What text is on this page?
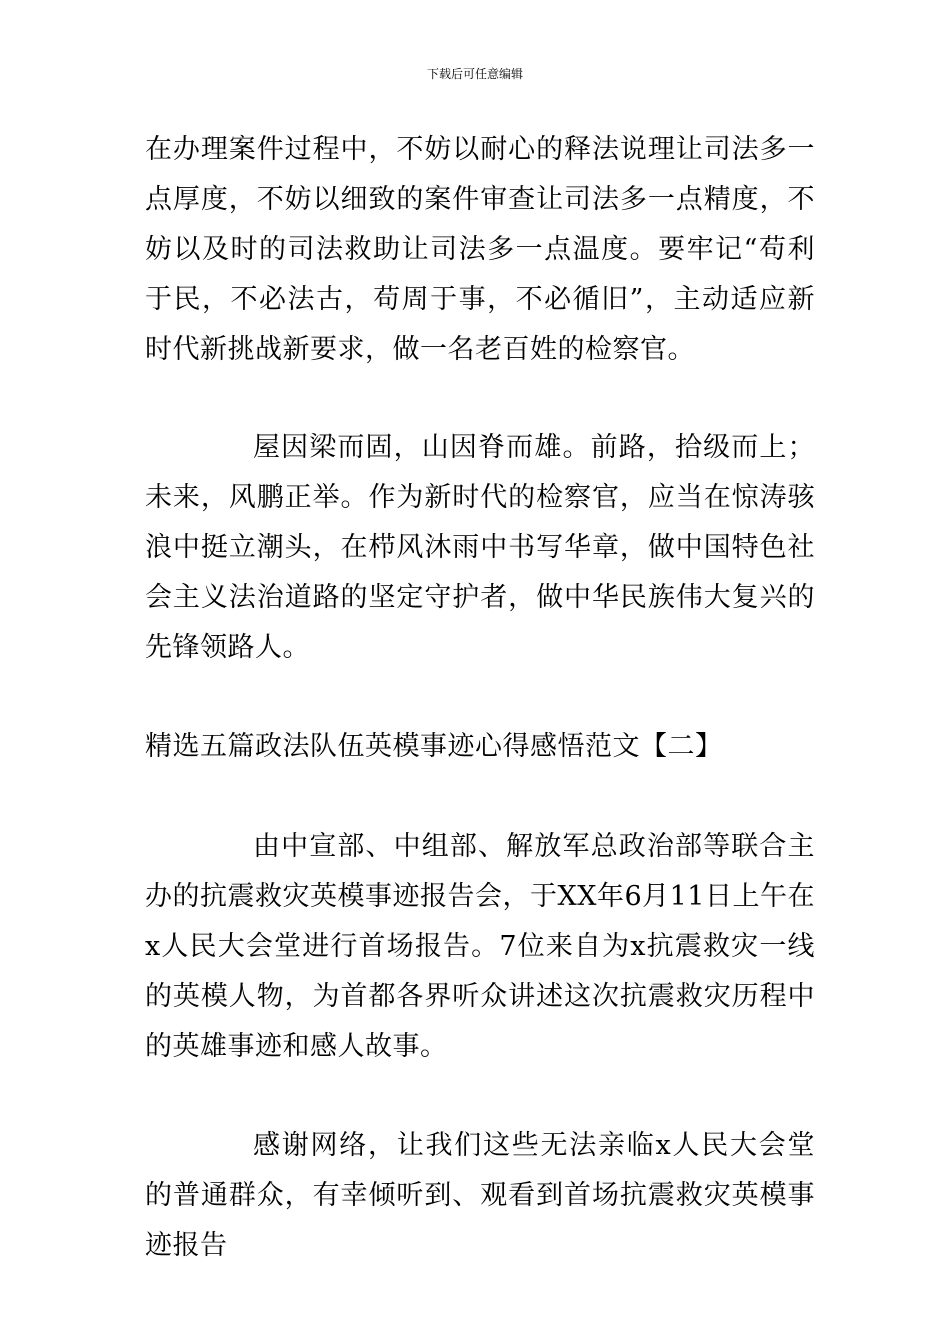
下载后可任意编辑

在办理案件过程中，不妨以耐心的释法说理让司法多一点厚度，不妨以细致的案件审查让司法多一点精度，不妨以及时的司法救助让司法多一点温度。要牢记“苟利于民，不必法古，苟周于事，不必循旧”，主动适应新时代新挑战新要求，做一名老百姓的检察官。

屋因梁而固，山因脊而雄。前路，拾级而上；未来，风鹏正举。作为新时代的检察官，应当在惊涛骇浪中挺立潮头，在栉风沐雨中书写华章，做中国特色社会主义法治道路的坚定守护者，做中华民族伟大复兴的先锋领路人。

精选五篇政法队伍英模事迹心得感悟范文【二】

由中宣部、中组部、解放军总政治部等联合主办的抗震救灾英模事迹报告会，于XX年6月11日上午在x人民大会堂进行首场报告。7位来自为x抗震救灾一线的英模人物，为首都各界听众讲述这次抗震救灾历程中的英雄事迹和感人故事。

感谢网络，让我们这些无法亲临x人民大会堂的普通群众，有幸倾听到、观看到首场抗震救灾英模事迹报告
